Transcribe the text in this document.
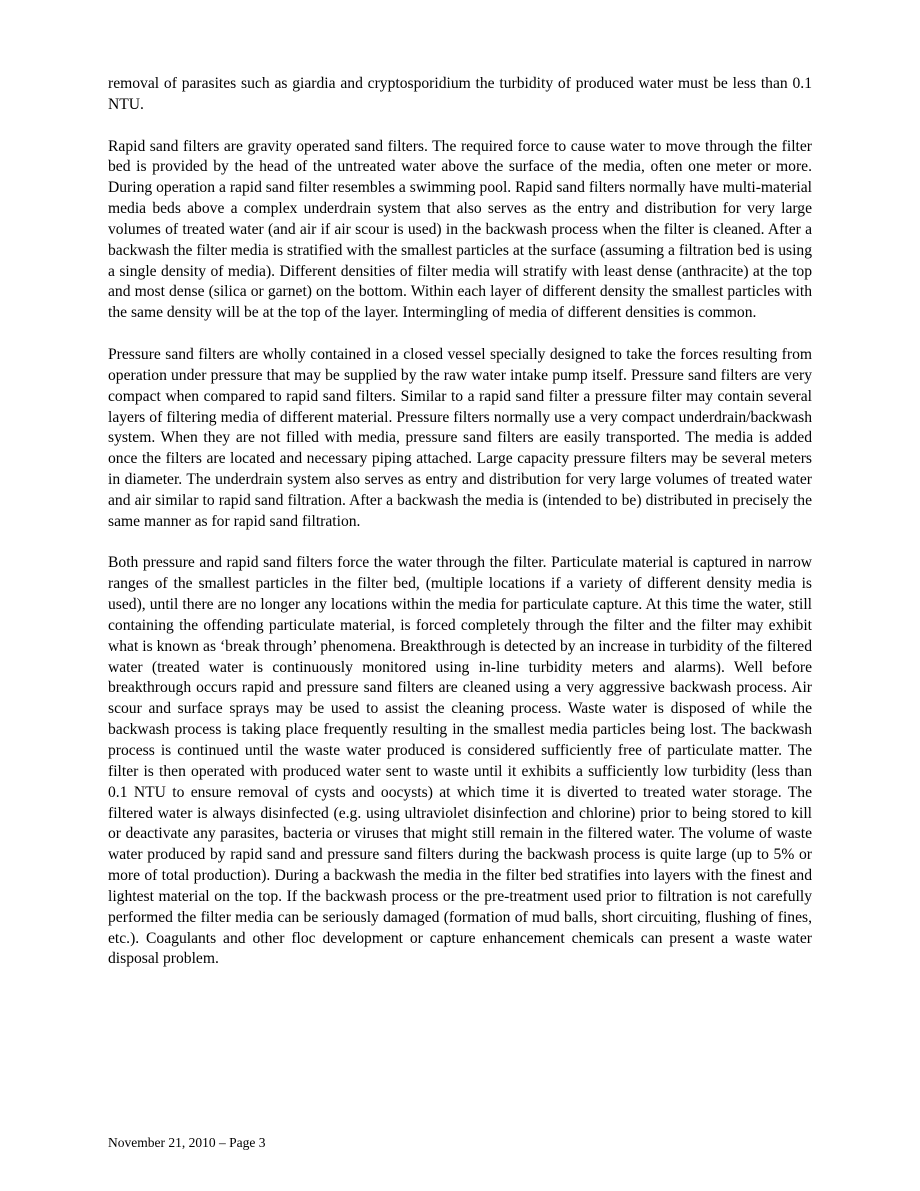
removal of parasites such as giardia and cryptosporidium the turbidity of produced water must be less than 0.1 NTU.

Rapid sand filters are gravity operated sand filters. The required force to cause water to move through the filter bed is provided by the head of the untreated water above the surface of the media, often one meter or more. During operation a rapid sand filter resembles a swimming pool. Rapid sand filters normally have multi-material media beds above a complex underdrain system that also serves as the entry and distribution for very large volumes of treated water (and air if air scour is used) in the backwash process when the filter is cleaned. After a backwash the filter media is stratified with the smallest particles at the surface (assuming a filtration bed is using a single density of media). Different densities of filter media will stratify with least dense (anthracite) at the top and most dense (silica or garnet) on the bottom. Within each layer of different density the smallest particles with the same density will be at the top of the layer. Intermingling of media of different densities is common.

Pressure sand filters are wholly contained in a closed vessel specially designed to take the forces resulting from operation under pressure that may be supplied by the raw water intake pump itself. Pressure sand filters are very compact when compared to rapid sand filters. Similar to a rapid sand filter a pressure filter may contain several layers of filtering media of different material. Pressure filters normally use a very compact underdrain/backwash system. When they are not filled with media, pressure sand filters are easily transported. The media is added once the filters are located and necessary piping attached. Large capacity pressure filters may be several meters in diameter. The underdrain system also serves as entry and distribution for very large volumes of treated water and air similar to rapid sand filtration. After a backwash the media is (intended to be) distributed in precisely the same manner as for rapid sand filtration.

Both pressure and rapid sand filters force the water through the filter. Particulate material is captured in narrow ranges of the smallest particles in the filter bed, (multiple locations if a variety of different density media is used), until there are no longer any locations within the media for particulate capture. At this time the water, still containing the offending particulate material, is forced completely through the filter and the filter may exhibit what is known as ‘break through’ phenomena. Breakthrough is detected by an increase in turbidity of the filtered water (treated water is continuously monitored using in-line turbidity meters and alarms). Well before breakthrough occurs rapid and pressure sand filters are cleaned using a very aggressive backwash process. Air scour and surface sprays may be used to assist the cleaning process. Waste water is disposed of while the backwash process is taking place frequently resulting in the smallest media particles being lost. The backwash process is continued until the waste water produced is considered sufficiently free of particulate matter. The filter is then operated with produced water sent to waste until it exhibits a sufficiently low turbidity (less than 0.1 NTU to ensure removal of cysts and oocysts) at which time it is diverted to treated water storage. The filtered water is always disinfected (e.g. using ultraviolet disinfection and chlorine) prior to being stored to kill or deactivate any parasites, bacteria or viruses that might still remain in the filtered water. The volume of waste water produced by rapid sand and pressure sand filters during the backwash process is quite large (up to 5% or more of total production). During a backwash the media in the filter bed stratifies into layers with the finest and lightest material on the top. If the backwash process or the pre-treatment used prior to filtration is not carefully performed the filter media can be seriously damaged (formation of mud balls, short circuiting, flushing of fines, etc.). Coagulants and other floc development or capture enhancement chemicals can present a waste water disposal problem.

November 21, 2010 – Page 3
